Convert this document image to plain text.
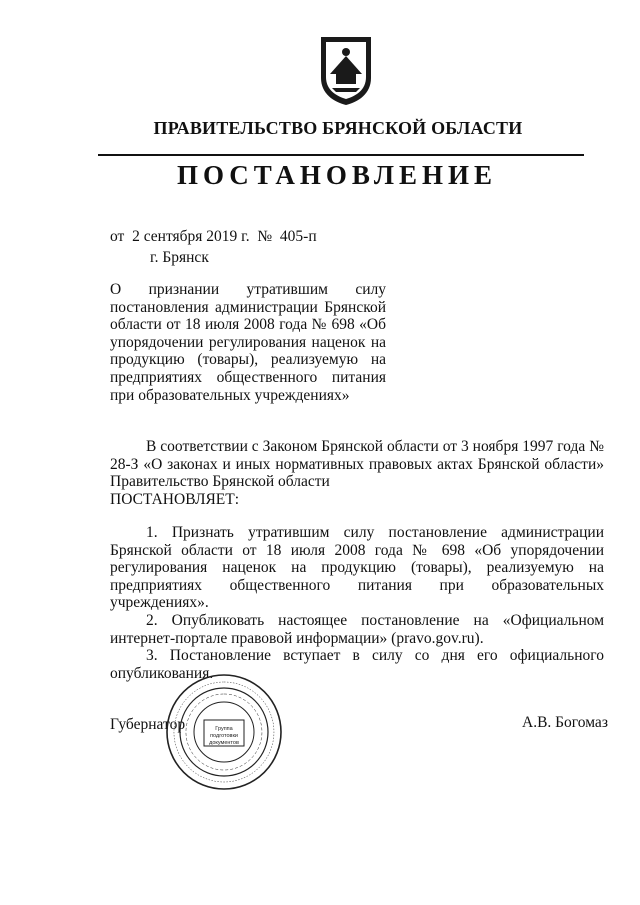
ПРАВИТЕЛЬСТВО БРЯНСКОЙ ОБЛАСТИ
ПОСТАНОВЛЕНИЕ
от  2 сентября 2019 г.  №  405-п
г. Брянск
О признании утратившим силу постановления администрации Брянской области от 18 июля 2008 года № 698 «Об упорядочении регулирования наценок на продукцию (товары), реализуемую на предприятиях общественного питания при образовательных учреждениях»
В соответствии с Законом Брянской области от 3 ноября 1997 года № 28-З «О законах и иных нормативных правовых актах Брянской области» Правительство Брянской области
ПОСТАНОВЛЯЕТ:
1. Признать утратившим силу постановление администрации Брянской области от 18 июля 2008 года № 698 «Об упорядочении регулирования наценок на продукцию (товары), реализуемую на предприятиях общественного питания при образовательных учреждениях».
2. Опубликовать настоящее постановление на «Официальном интернет-портале правовой информации» (pravo.gov.ru).
3. Постановление вступает в силу со дня его официального опубликования.
Губернатор	А.В. Богомаз
Группа
подготовки
документов
